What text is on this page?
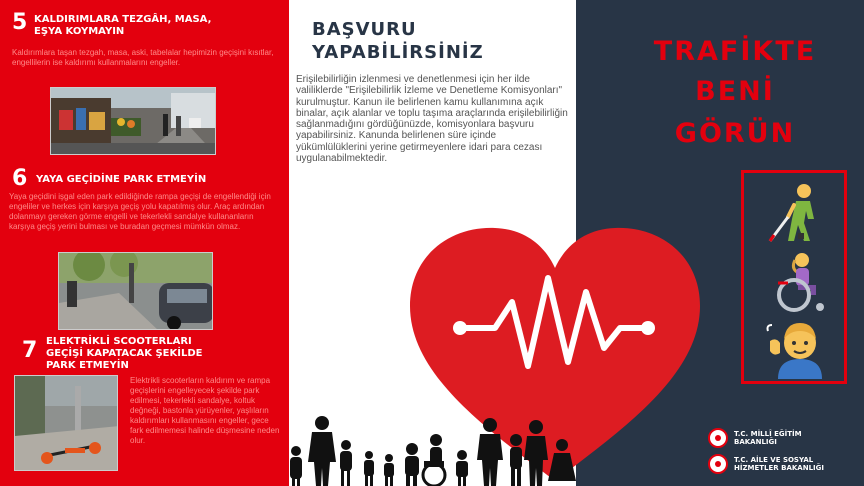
5 KALDIRIMLARA TEZGÂH, MASA,
EŞYA KOYMAYIN
Kaldırımlara taşan tezgah, masa, aski, tabelalar hepimizin geçişini kısıtlar, engellilerin ise kaldırımı kullanmalarını engeller.
6 YAYA GEÇİDİNE PARK ETMEYİN
Yaya geçidini işgal eden park edildiğinde rampa geçişi de engellendiği için engeliler ve herkes için karşıya geçiş yolu kapatılmış olur. Araç ardından dolanmayı gereken görme engelli ve tekerlekli sandalye kullananların karşıya geçiş yerini bulması ve buradan geçmesi mümkün olmaz.
7 ELEKTRİKLİ SCOOTERLARI
GEÇİŞİ KAPATACAK ŞEKİLDE
PARK ETMEYİN
Elektrikli scooterların kaldırım ve rampa geçişlerini engelleyecek şekilde park edilmesi, tekerlekli sandalye, koltuk değneği, bastonla yürüyenler, yaşlıların kaldırımları kullanmasını engeller, gece fark edilmemesi halinde düşmesine neden olur.
BAŞVURU
YAPABİLİRSİNİZ
Erişilebilirliğin izlenmesi ve denetlenmesi için her ilde valiliklerde "Erişilebilirlik İzleme ve Denetleme Komisyonları" kurulmuştur. Kanun ile belirlenen kamu kullanımına açık binalar, açık alanlar ve toplu taşıma araçlarında erişilebilirliğin sağlanmadığını gördüğünüzde, komisyonlara başvuru yapabilirsiniz. Kanunda belirlenen süre içinde yükümlülüklerini yerine getirmeyenlere idari para cezası uygulanabilmektedir.
TRAFİKTE
BENİ
GÖRÜN
T.C. MİLLÎ EĞİTİM
BAKANLIĞI
T.C. AİLE VE SOSYAL
HİZMETLER BAKANLIĞI
